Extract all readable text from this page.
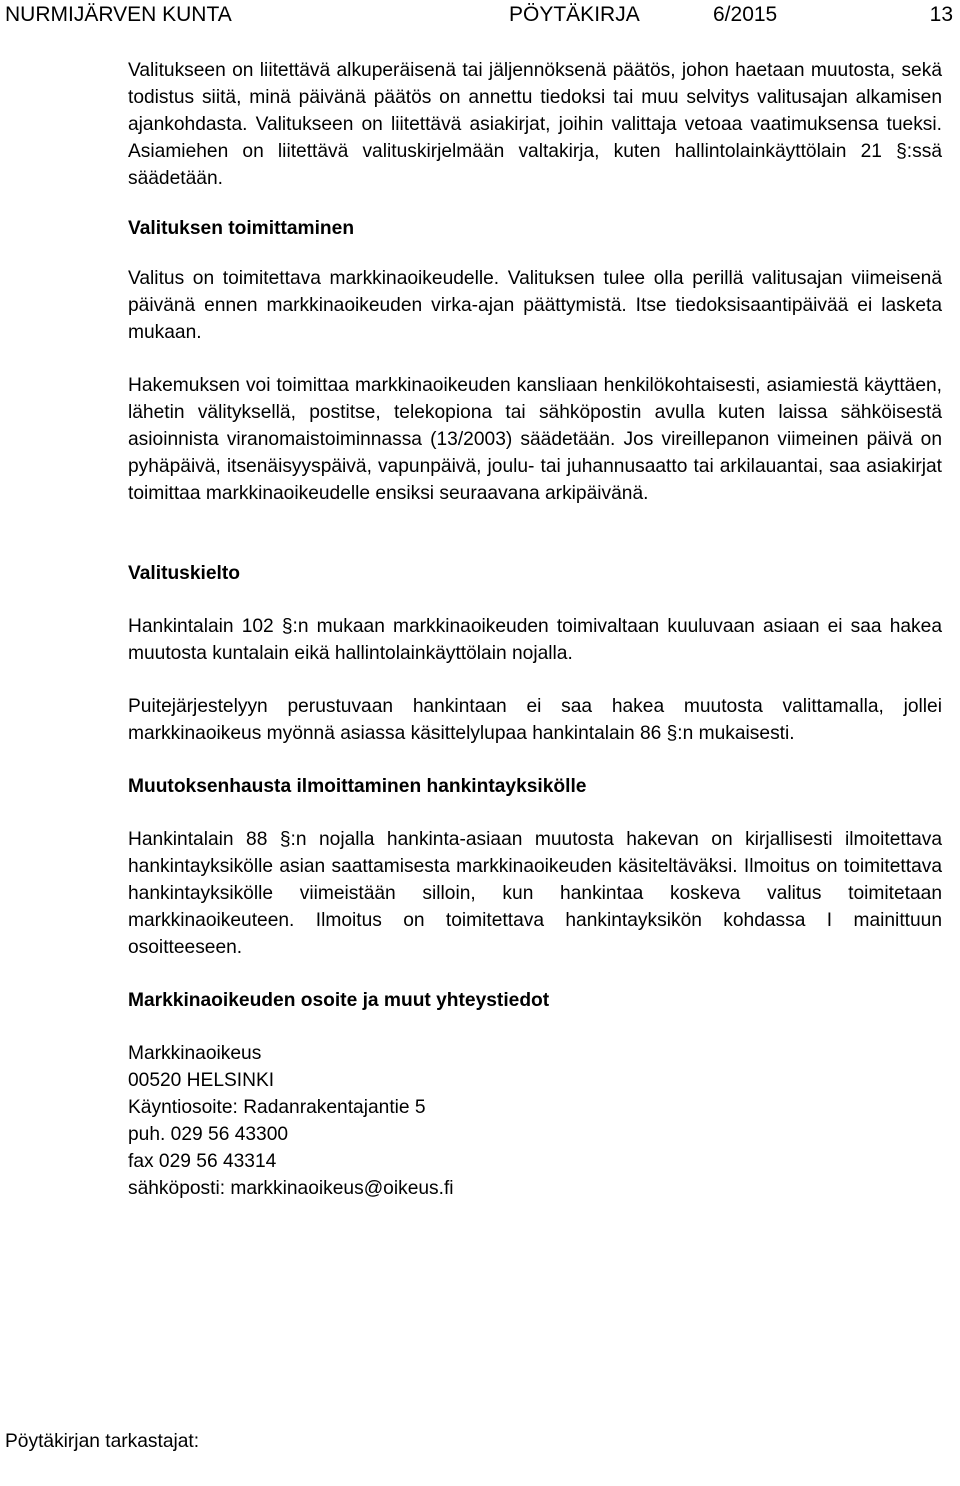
NURMIJÄRVEN KUNTA	PÖYTÄKIRJA	6/2015	13

Valitukseen on liitettävä alkuperäisenä tai jäljennöksenä päätös, johon haetaan muutosta, sekä todistus siitä, minä päivänä päätös on annettu tiedoksi tai muu selvitys valitusajan alkamisen ajankohdasta. Valitukseen on liitettävä asiakirjat, joihin valittaja vetoaa vaatimuksensa tueksi. Asiamiehen on liitettävä valituskirjelmään valtakirja, kuten hallintolainkäyttölain 21 §:ssä säädetään.

Valituksen toimittaminen

Valitus on toimitettava markkinaoikeudelle. Valituksen tulee olla perillä valitusajan viimeisenä päivänä ennen markkinaoikeuden virka-ajan päättymistä. Itse tiedoksisaantipäivää ei lasketa mukaan.

Hakemuksen voi toimittaa markkinaoikeuden kansliaan henkilökohtaisesti, asiamiestä käyttäen, lähetin välityksellä, postitse, telekopiona tai sähköpostin avulla kuten laissa sähköisestä asioinnista viranomaistoiminnassa (13/2003) säädetään. Jos vireillepanon viimeinen päivä on pyhäpäivä, itsenäisyyspäivä, vapunpäivä, joulu- tai juhannusaatto tai arkilauantai, saa asiakirjat toimittaa markkinaoikeudelle ensiksi seuraavana arkipäivänä.

Valituskielto

Hankintalain 102 §:n mukaan markkinaoikeuden toimivaltaan kuuluvaan asiaan ei saa hakea muutosta kuntalain eikä hallintolainkäyttölain nojalla.

Puitejärjestelyyn perustuvaan hankintaan ei saa hakea muutosta valittamalla, jollei markkinaoikeus myönnä asiassa käsittelylupaa hankintalain 86 §:n mukaisesti.

Muutoksenhausta ilmoittaminen hankintayksikölle

Hankintalain 88 §:n nojalla hankinta-asiaan muutosta hakevan on kirjallisesti ilmoitettava hankintayksikölle asian saattamisesta markkinaoikeuden käsiteltäväksi. Ilmoitus on toimitettava hankintayksikölle viimeistään silloin, kun hankintaa koskeva valitus toimitetaan markkinaoikeuteen. Ilmoitus on toimitettava hankintayksikön kohdassa I mainittuun osoitteeseen.

Markkinaoikeuden osoite ja muut yhteystiedot

Markkinaoikeus

00520 HELSINKI

Käyntiosoite: Radanrakentajantie 5

puh. 029 56 43300

fax 029 56 43314

sähköposti: markkinaoikeus@oikeus.fi

Pöytäkirjan tarkastajat:
